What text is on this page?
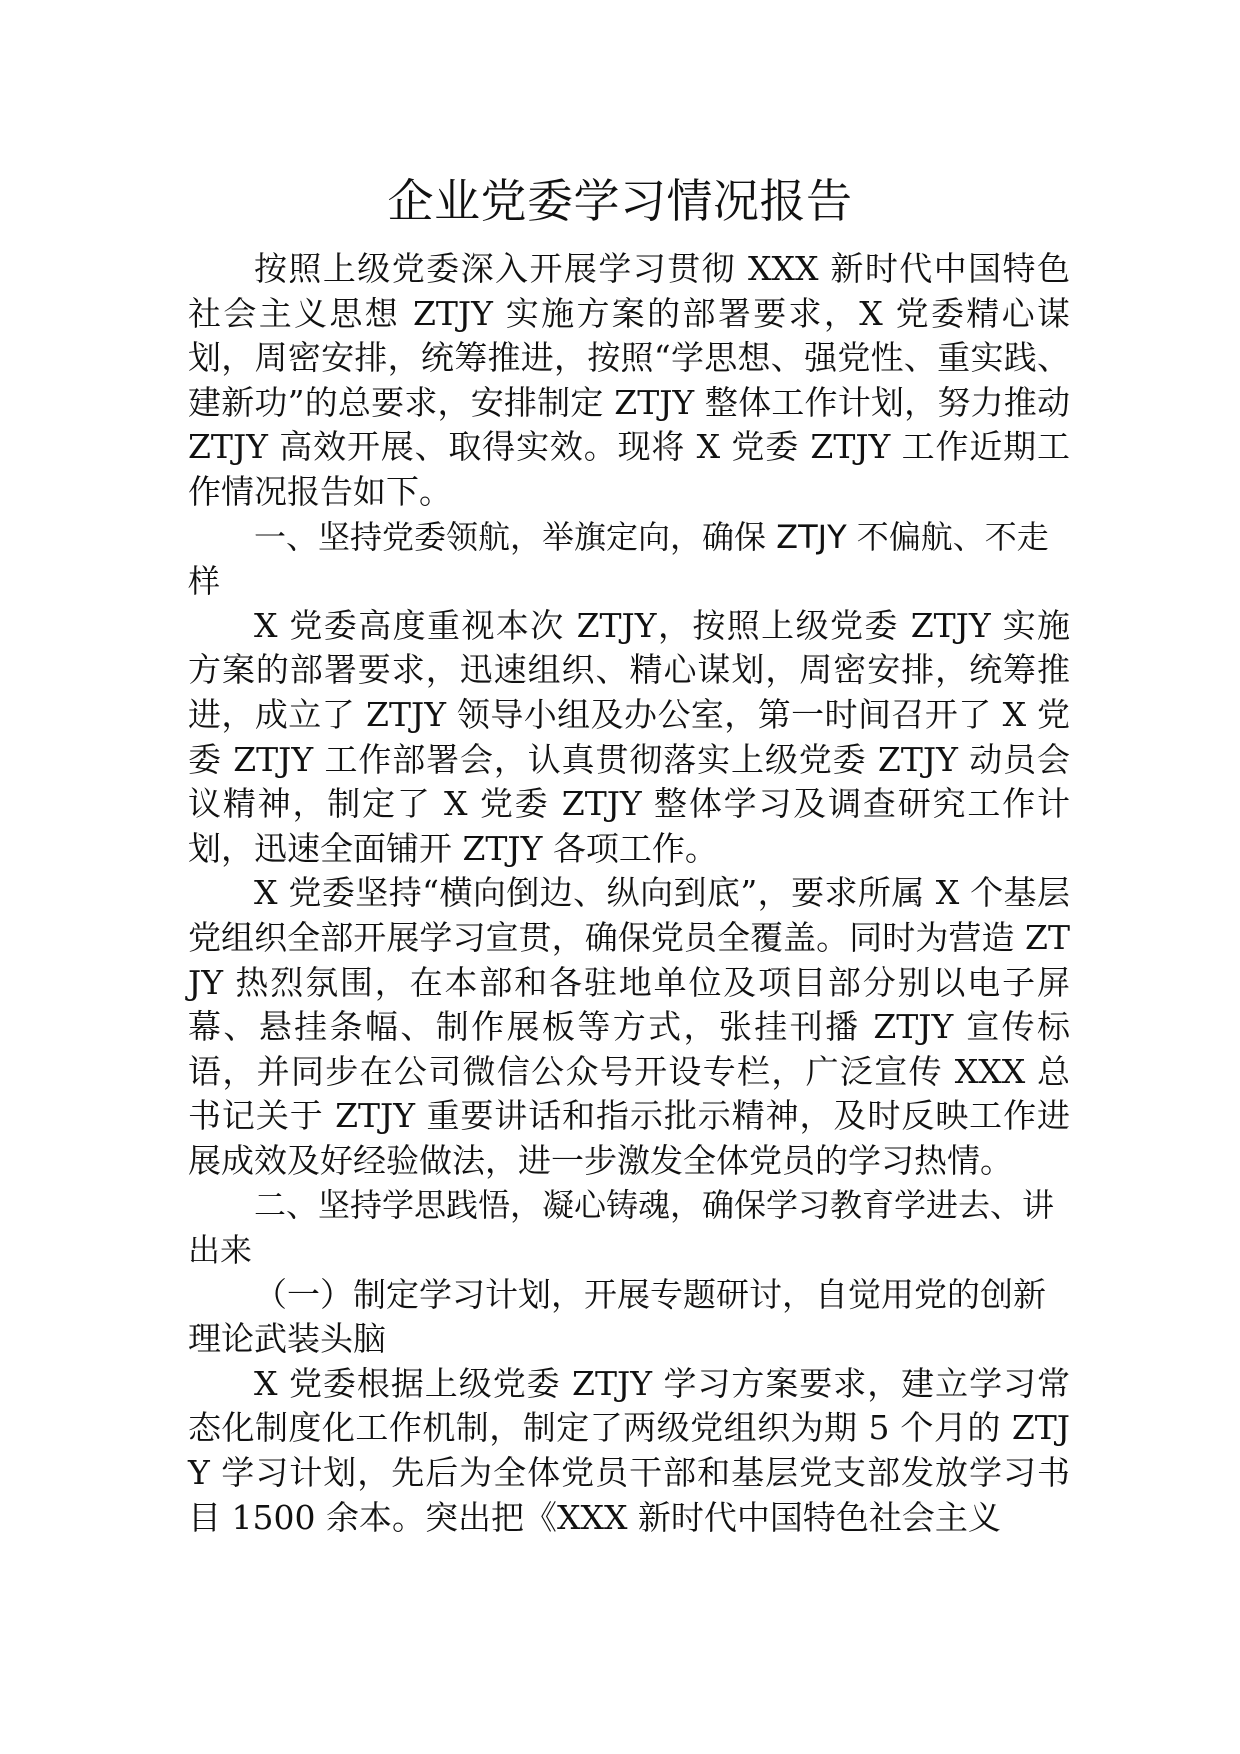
企业党委学习情况报告

按照上级党委深入开展学习贯彻 XXX 新时代中国特色社会主义思想 ZTJY 实施方案的部署要求，X 党委精心谋划，周密安排，统筹推进，按照“学思想、强党性、重实践、建新功”的总要求，安排制定 ZTJY 整体工作计划，努力推动 ZTJY 高效开展、取得实效。现将 X 党委 ZTJY 工作近期工作情况报告如下。

一、坚持党委领航，举旗定向，确保 ZTJY 不偏航、不走样

X 党委高度重视本次 ZTJY，按照上级党委 ZTJY 实施方案的部署要求，迅速组织、精心谋划，周密安排，统筹推进，成立了 ZTJY 领导小组及办公室，第一时间召开了 X 党委 ZTJY 工作部署会，认真贯彻落实上级党委 ZTJY 动员会议精神，制定了 X 党委 ZTJY 整体学习及调查研究工作计划，迅速全面铺开 ZTJY 各项工作。

X 党委坚持“横向倒边、纵向到底”，要求所属 X 个基层党组织全部开展学习宣贯，确保党员全覆盖。同时为营造 ZTJY 热烈氛围，在本部和各驻地单位及项目部分别以电子屏幕、悬挂条幅、制作展板等方式，张挂刊播 ZTJY 宣传标语，并同步在公司微信公众号开设专栏，广泛宣传 XXX 总书记关于 ZTJY 重要讲话和指示批示精神，及时反映工作进展成效及好经验做法，进一步激发全体党员的学习热情。

二、坚持学思践悟，凝心铸魂，确保学习教育学进去、讲出来

（一）制定学习计划，开展专题研讨，自觉用党的创新理论武装头脑

X 党委根据上级党委 ZTJY 学习方案要求，建立学习常态化制度化工作机制，制定了两级党组织为期 5 个月的 ZTJY 学习计划，先后为全体党员干部和基层党支部发放学习书目 1500 余本。突出把《XXX 新时代中国特色社会主义
